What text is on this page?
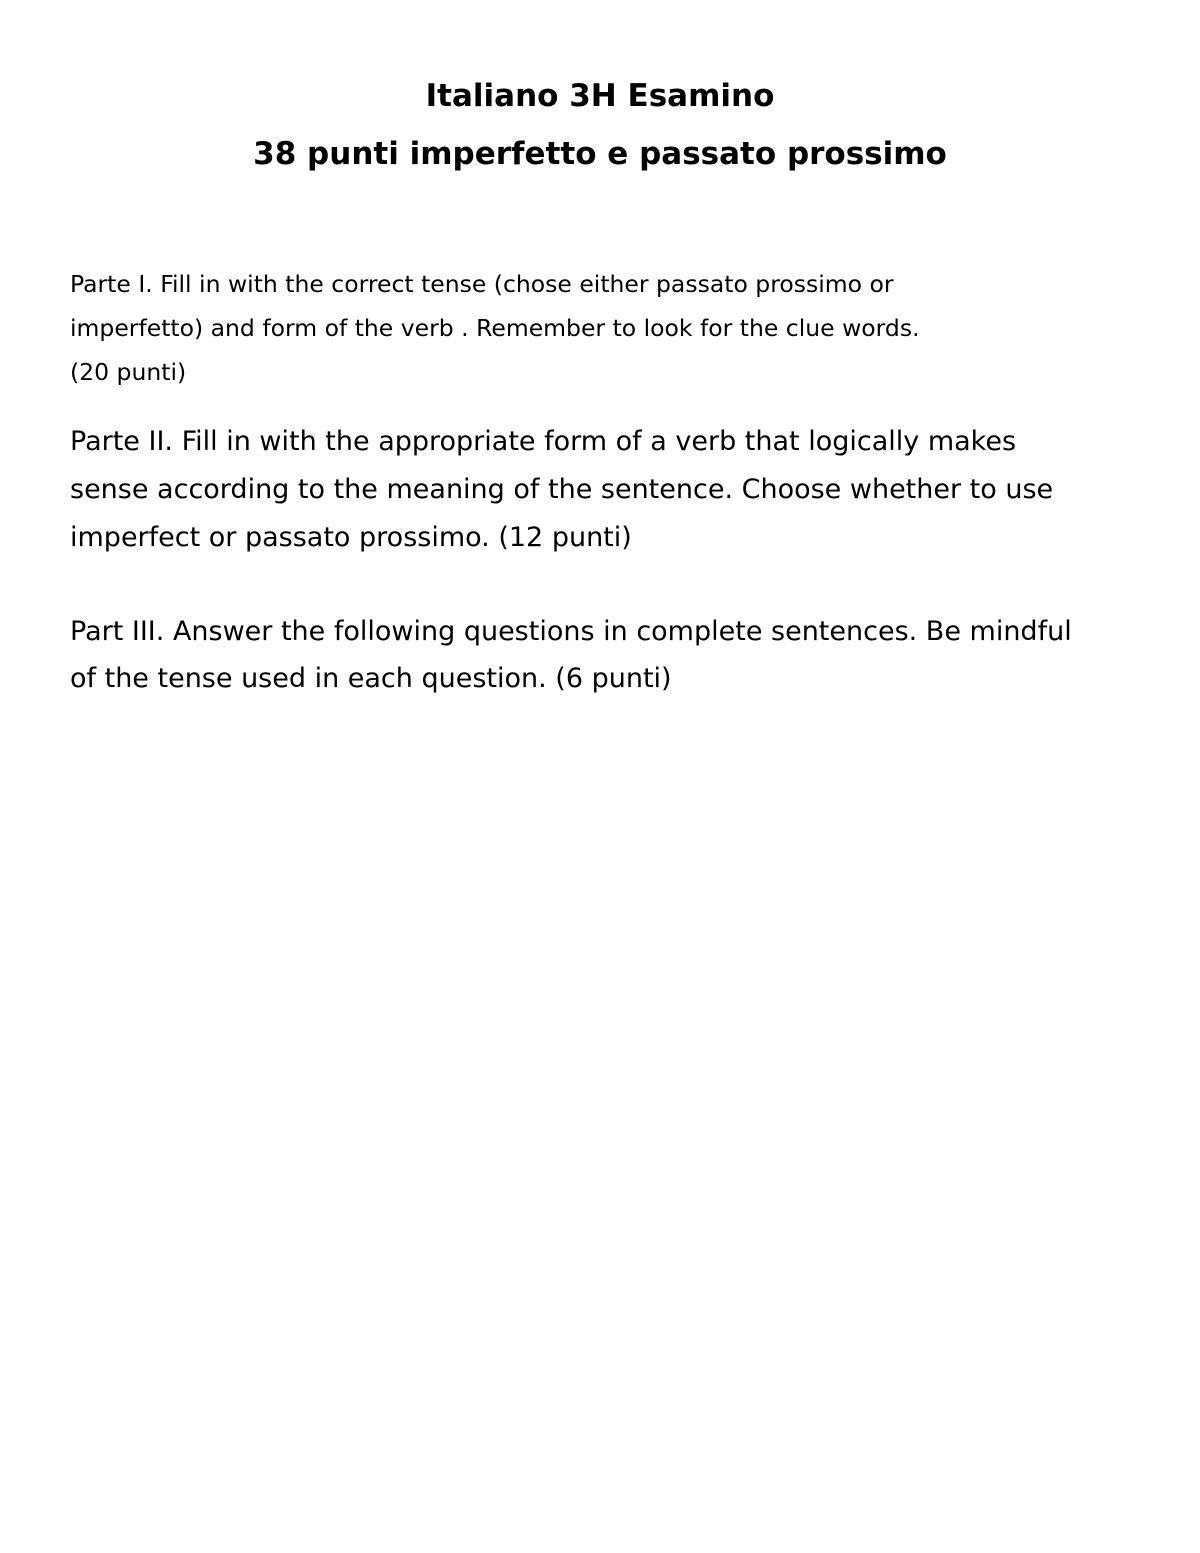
Italiano 3H Esamino
38 punti imperfetto e passato prossimo

Parte I. Fill in with the correct tense (chose either passato prossimo or
imperfetto) and form of the verb . Remember to look for the clue words.
(20 punti)

Parte II. Fill in with the appropriate form of a verb that logically makes
sense according to the meaning of the sentence. Choose whether to use
imperfect or passato prossimo. (12 punti)

Part III. Answer the following questions in complete sentences. Be mindful
of the tense used in each question. (6 punti)
